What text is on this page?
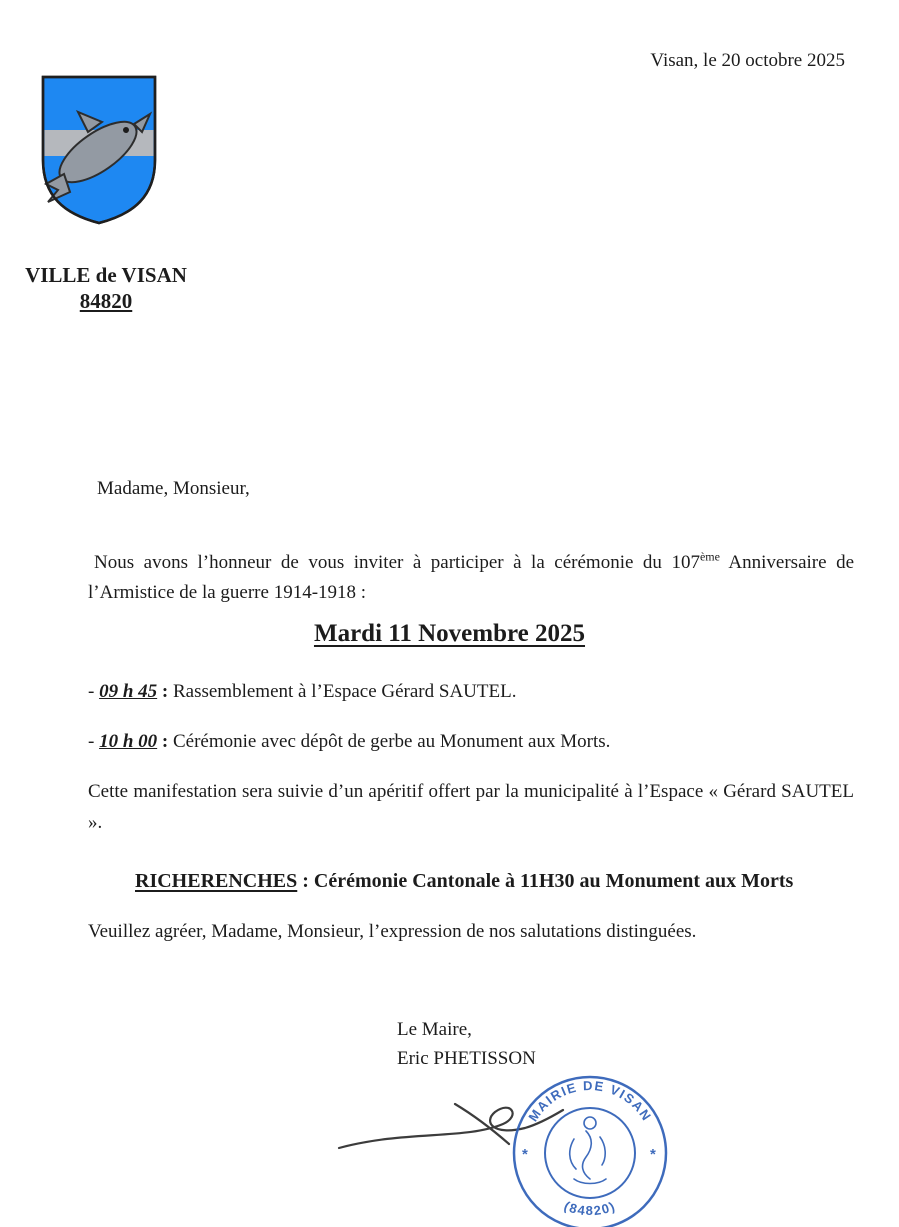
Visan, le 20 octobre 2025
VILLE de VISAN
84820
Madame, Monsieur,

Nous avons l’honneur de vous inviter à participer à la cérémonie du 107ème Anniversaire de l’Armistice de la guerre 1914-1918 :

Mardi 11 Novembre 2025

- 09 h 45 : Rassemblement à l’Espace Gérard SAUTEL.

- 10 h 00 : Cérémonie avec dépôt de gerbe au Monument aux Morts.

Cette manifestation sera suivie d’un apéritif offert par la municipalité à l’Espace « Gérard SAUTEL ».

RICHERENCHES : Cérémonie Cantonale à 11H30 au Monument aux Morts

Veuillez agréer, Madame, Monsieur, l’expression de nos salutations distinguées.

Le Maire,
Eric PHETISSON
MAIRIE DE VISAN
(84820)
*	*
